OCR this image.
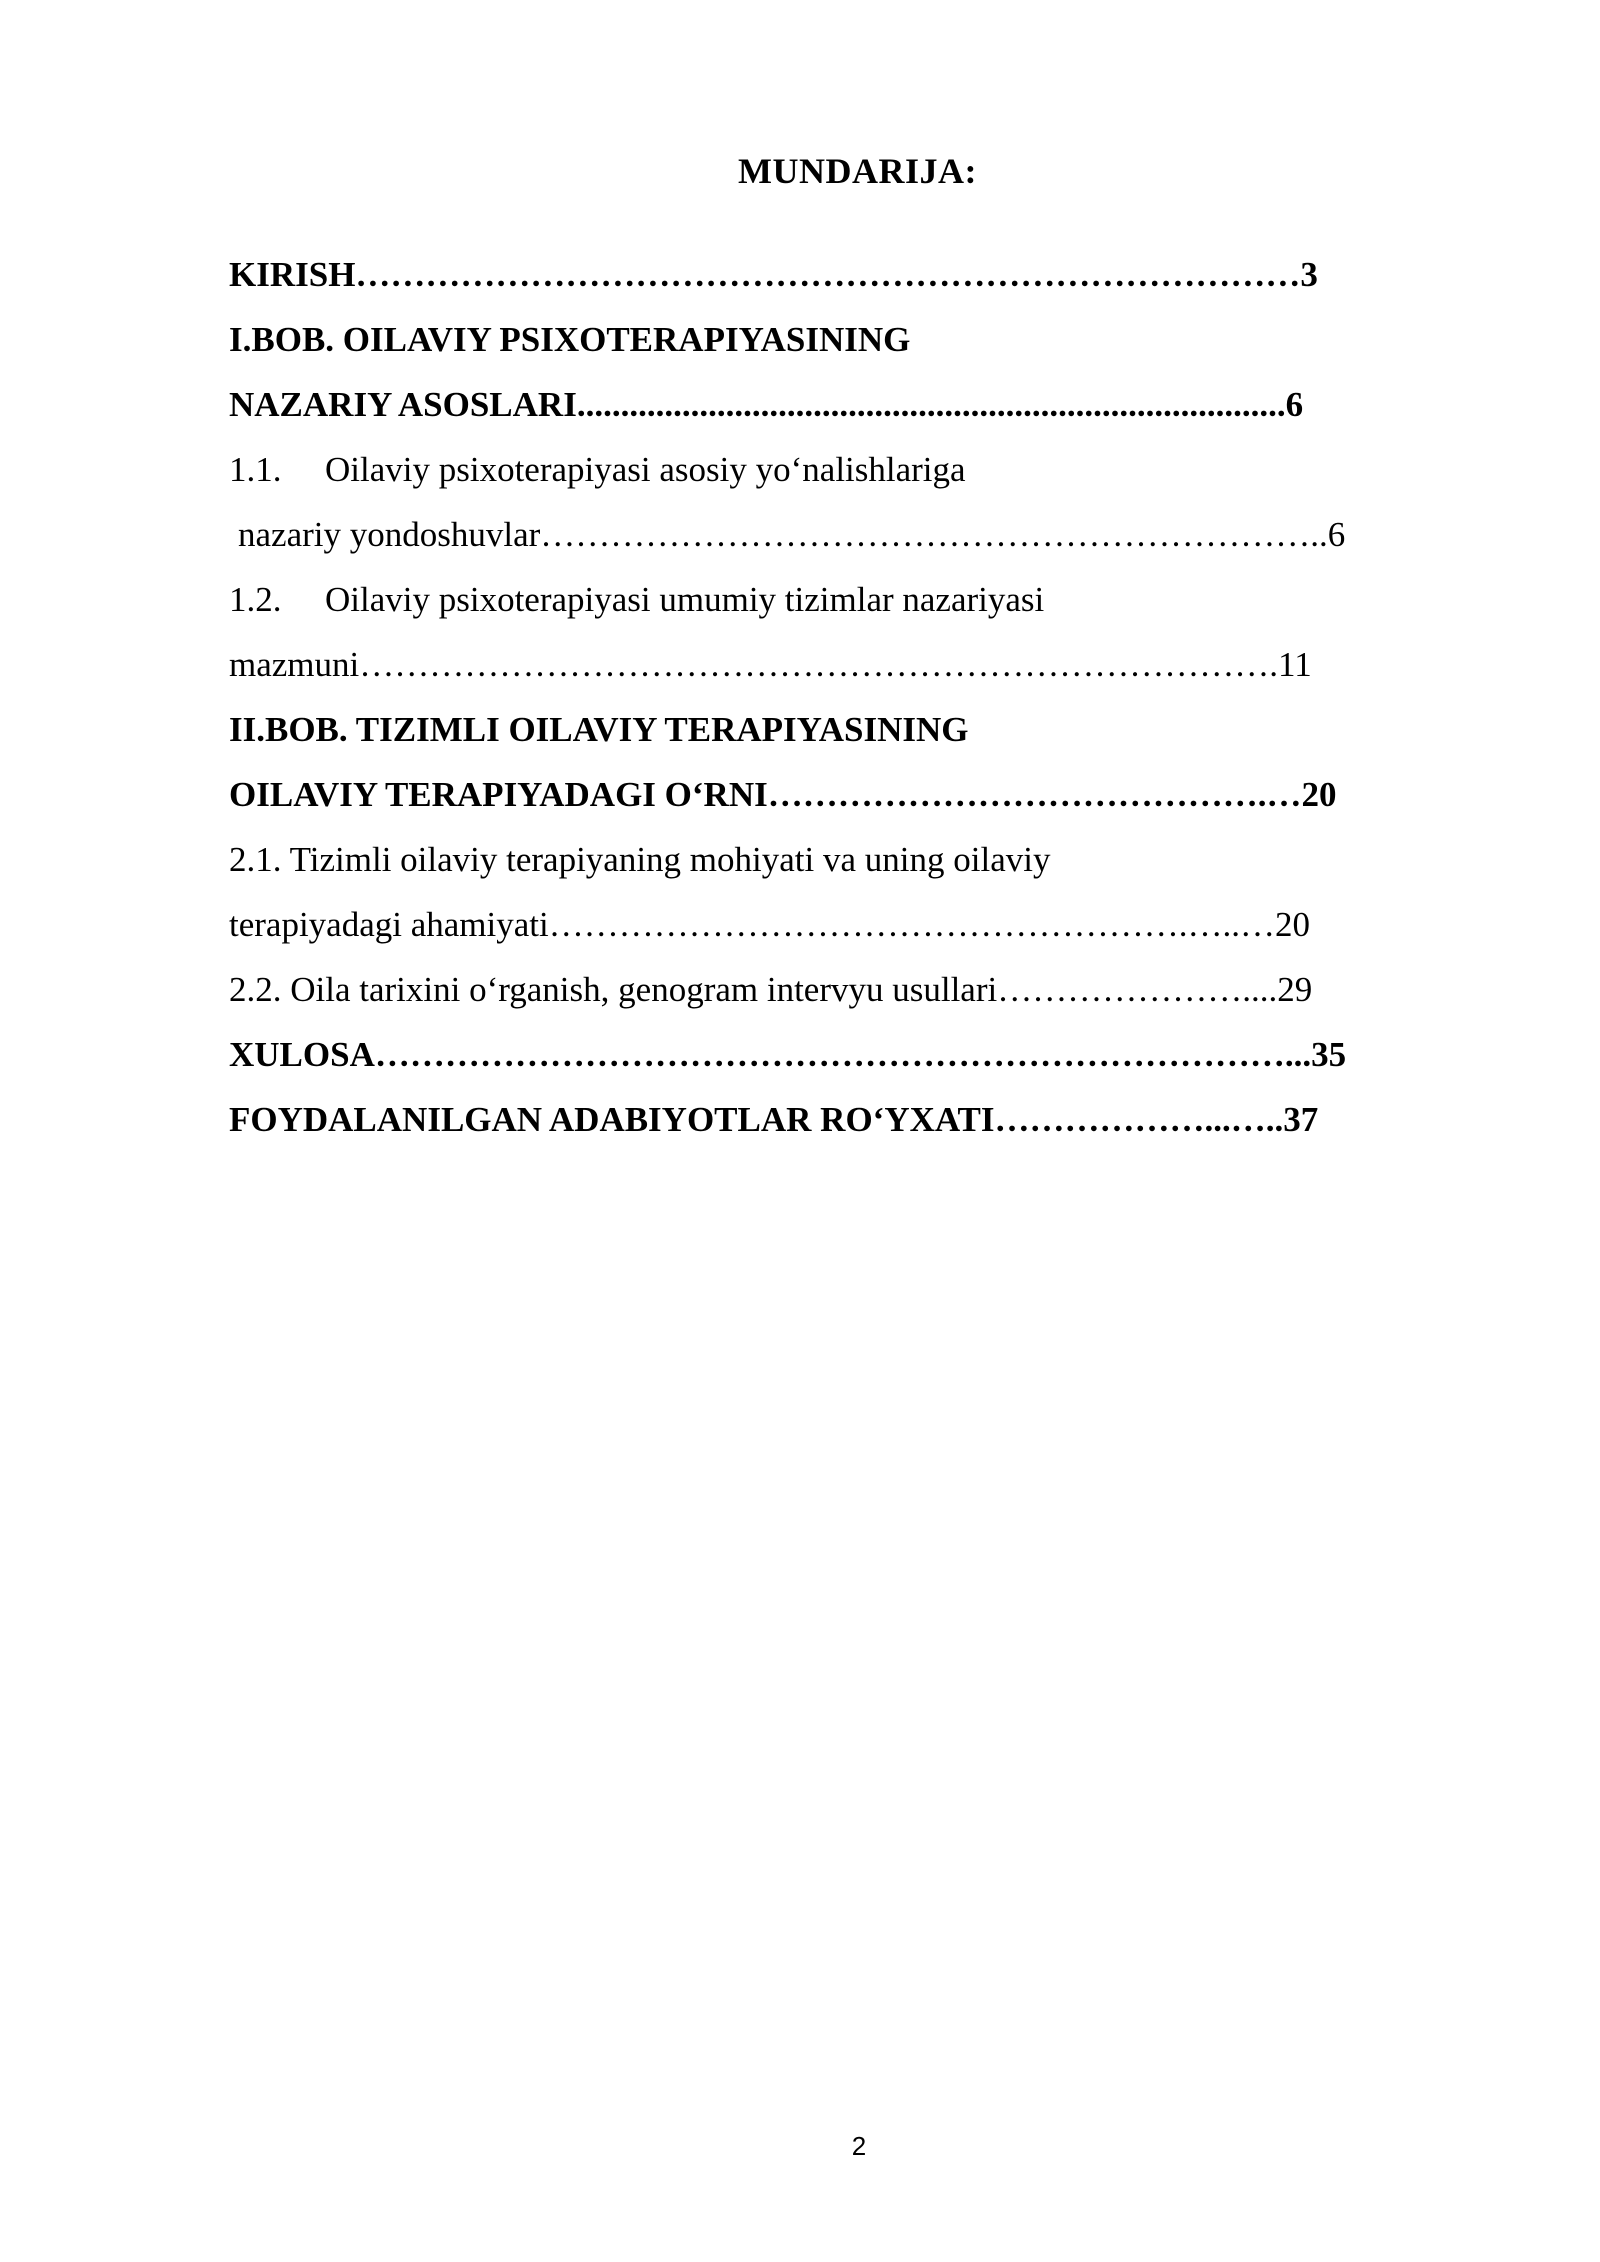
MUNDARIJA:
KIRISH………………………………………………………………………3
I.BOB. OILAVIY PSIXOTERAPIYASINING
NAZARIY ASOSLARI.................................................................................6
1.1. Oilaviy psixoterapiyasi asosiy yo‘nalishlariga
nazariy yondoshuvlar…………………………………………………………..6
1.2. Oilaviy psixoterapiyasi umumiy tizimlar nazariyasi
mazmuni…………………………………………………………………….11
II.BOB. TIZIMLI OILAVIY TERAPIYASINING
OILAVIY TERAPIYADAGI O‘RNI…………………………………….…20
2.1. Tizimli oilaviy terapiyaning mohiyati va uning oilaviy
terapiyadagi ahamiyati……………………………………………….…..…20
2.2. Oila tarixini o‘rganish, genogram intervyu usullari…………………....29
XULOSA……………………………………………………………………...35
FOYDALANILGAN ADABIYOTLAR RO‘YXATI………………...…..37
2
